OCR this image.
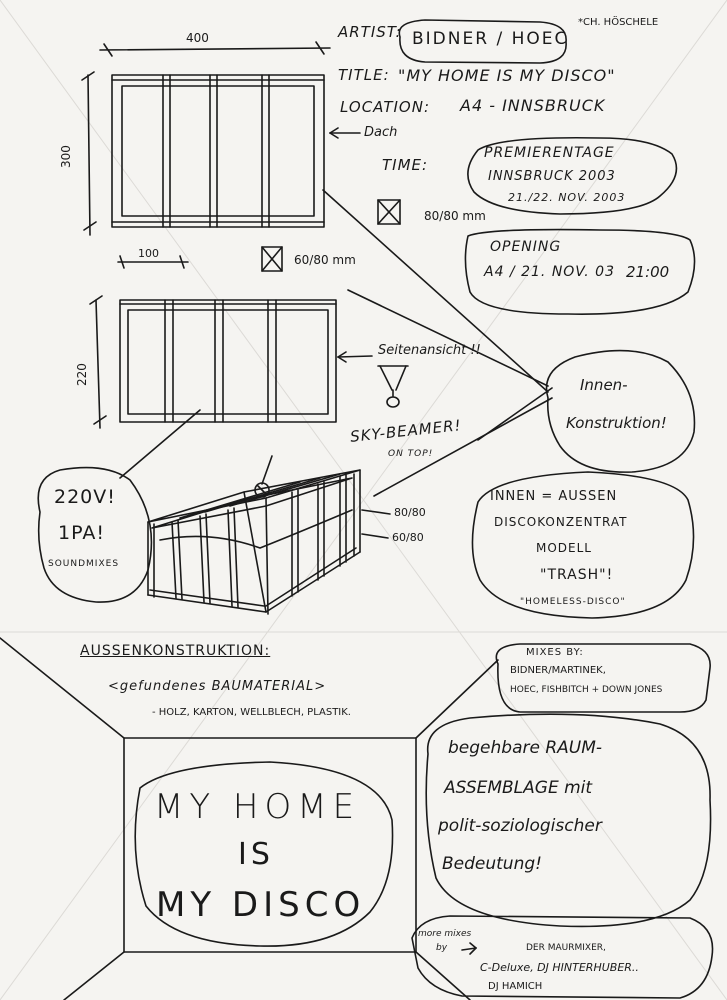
ARTIST: BIDNER / HOEC
*CH. HÖSCHELE
TITLE: "MY HOME IS MY DISCO"
LOCATION: A4 - INNSBRUCK
TIME:
PREMIERENTAGE
INNSBRUCK 2003
21./22. NOV. 2003
OPENING
A4 / 21. NOV. 03 21:00
400
300
100
220
80/80 mm
60/80 mm
80/80
60/80
Dach
Seitenansicht !!
Innen-
Konstruktion!
SKY-BEAMER!
ON TOP!
220V!
1PA!
SOUNDMIXES
INNEN = AUSSEN
DISCOKONZENTRAT
MODELL
"TRASH"!
"HOMELESS-DISCO"
AUSSENKONSTRUKTION:
<gefundenes BAUMATERIAL>
- HOLZ, KARTON, WELLBLECH, PLASTIK.
MIXES BY:
BIDNER/MARTINEK,
HOEC, FISHBITCH + DOWN JONES
begehbare RAUM-
ASSEMBLAGE mit
polit-soziologischer
Bedeutung!
MY HOME
IS
MY DISCO
more mixes
by	DER MAURMIXER,
C-Deluxe, DJ HINTERHUBER..
DJ HAMICH
